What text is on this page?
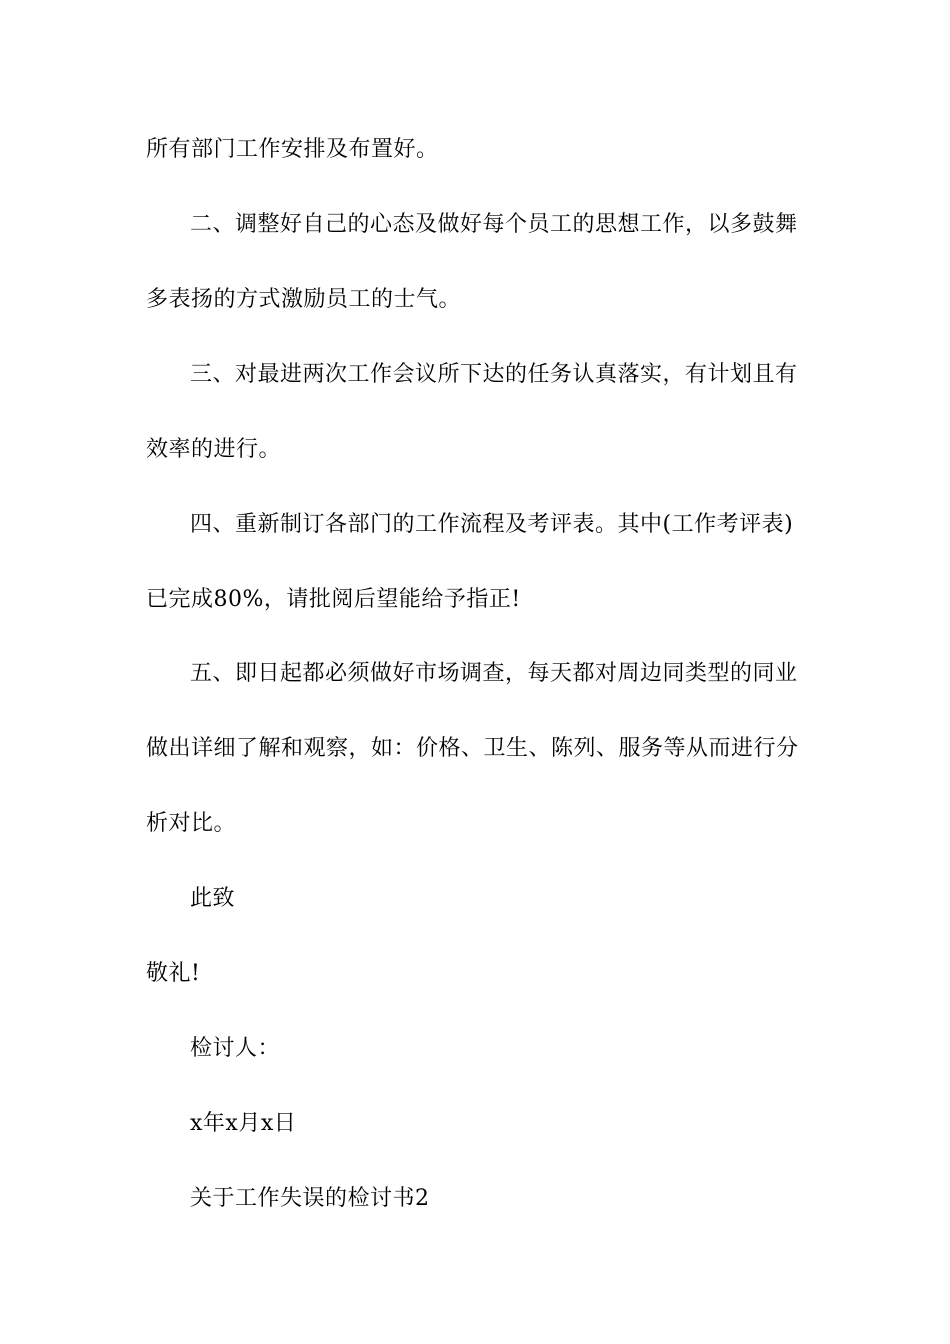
所有部门工作安排及布置好。
二、调整好自己的心态及做好每个员工的思想工作，以多鼓舞
多表扬的方式激励员工的士气。
三、对最进两次工作会议所下达的任务认真落实，有计划且有
效率的进行。
四、重新制订各部门的工作流程及考评表。其中(工作考评表)
已完成80%，请批阅后望能给予指正!
五、即日起都必须做好市场调查，每天都对周边同类型的同业
做出详细了解和观察，如：价格、卫生、陈列、服务等从而进行分
析对比。
此致
敬礼!
检讨人：
x年x月x日
关于工作失误的检讨书2
